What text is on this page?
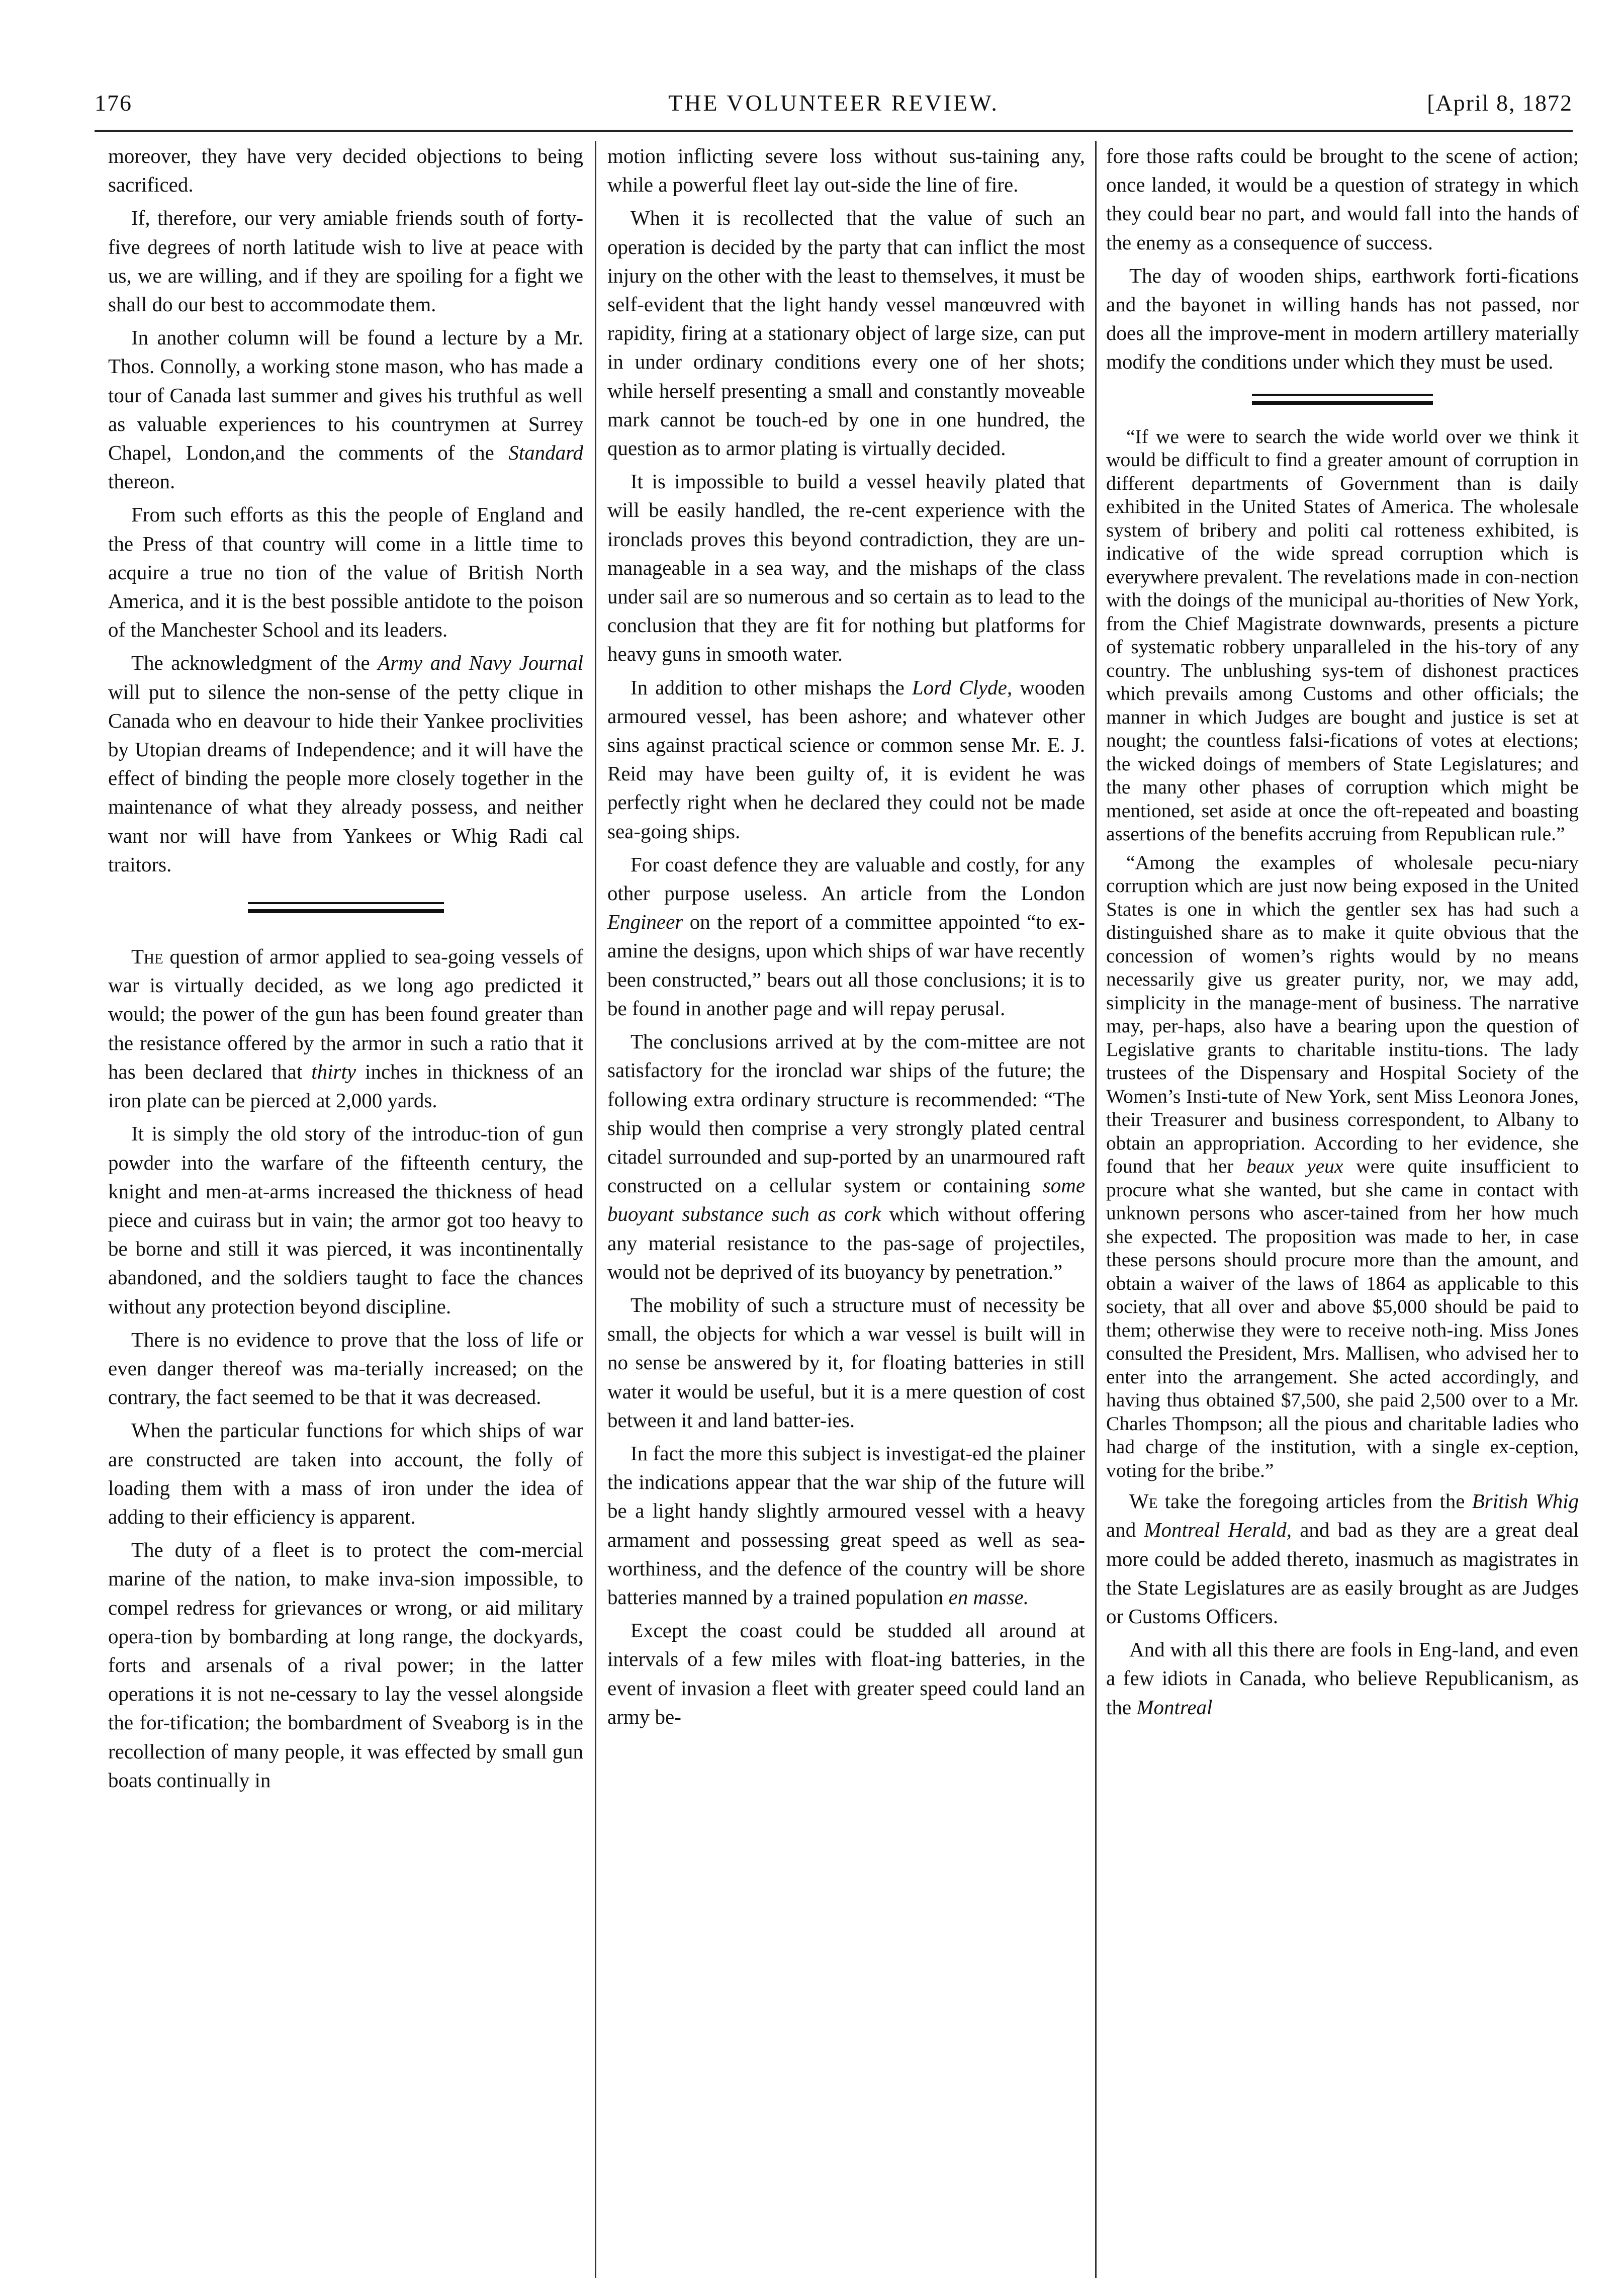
176	THE VOLUNTEER REVIEW.	[April 8, 1872

moreover, they have very decided objections to being sacrificed.

If, therefore, our very amiable friends south of forty-five degrees of north latitude wish to live at peace with us, we are willing, and if they are spoiling for a fight we shall do our best to accommodate them.

In another column will be found a lecture by a Mr. Thos. Connolly, a working stone mason, who has made a tour of Canada last summer and gives his truthful as well as valuable experiences to his countrymen at Surrey Chapel, London,and the comments of the Standard thereon.

From such efforts as this the people of England and the Press of that country will come in a little time to acquire a true no tion of the value of British North America, and it is the best possible antidote to the poison of the Manchester School and its leaders.

The acknowledgment of the Army and Navy Journal will put to silence the non-sense of the petty clique in Canada who en deavour to hide their Yankee proclivities by Utopian dreams of Independence; and it will have the effect of binding the people more closely together in the maintenance of what they already possess, and neither want nor will have from Yankees or Whig Radi cal traitors.

The question of armor applied to sea-going vessels of war is virtually decided, as we long ago predicted it would; the power of the gun has been found greater than the resistance offered by the armor in such a ratio that it has been declared that thirty inches in thickness of an iron plate can be pierced at 2,000 yards.

It is simply the old story of the introduc-tion of gun powder into the warfare of the fifteenth century, the knight and men-at-arms increased the thickness of head piece and cuirass but in vain; the armor got too heavy to be borne and still it was pierced, it was incontinentally abandoned, and the soldiers taught to face the chances without any protection beyond discipline.

There is no evidence to prove that the loss of life or even danger thereof was ma-terially increased; on the contrary, the fact seemed to be that it was decreased.

When the particular functions for which ships of war are constructed are taken into account, the folly of loading them with a mass of iron under the idea of adding to their efficiency is apparent.

The duty of a fleet is to protect the com-mercial marine of the nation, to make inva-sion impossible, to compel redress for grievances or wrong, or aid military opera-tion by bombarding at long range, the dockyards, forts and arsenals of a rival power; in the latter operations it is not ne-cessary to lay the vessel alongside the for-tification; the bombardment of Sveaborg is in the recollection of many people, it was effected by small gun boats continually in

motion inflicting severe loss without sus-taining any, while a powerful fleet lay out-side the line of fire.

When it is recollected that the value of such an operation is decided by the party that can inflict the most injury on the other with the least to themselves, it must be self-evident that the light handy vessel manœuvred with rapidity, firing at a stationary object of large size, can put in under ordinary conditions every one of her shots; while herself presenting a small and constantly moveable mark cannot be touch-ed by one in one hundred, the question as to armor plating is virtually decided.

It is impossible to build a vessel heavily plated that will be easily handled, the re-cent experience with the ironclads proves this beyond contradiction, they are un-manageable in a sea way, and the mishaps of the class under sail are so numerous and so certain as to lead to the conclusion that they are fit for nothing but platforms for heavy guns in smooth water.

In addition to other mishaps the Lord Clyde, wooden armoured vessel, has been ashore; and whatever other sins against practical science or common sense Mr. E. J. Reid may have been guilty of, it is evident he was perfectly right when he declared they could not be made sea-going ships.

For coast defence they are valuable and costly, for any other purpose useless. An article from the London Engineer on the report of a committee appointed “to ex-amine the designs, upon which ships of war have recently been constructed,” bears out all those conclusions; it is to be found in another page and will repay perusal.

The conclusions arrived at by the com-mittee are not satisfactory for the ironclad war ships of the future; the following extra ordinary structure is recommended: “The ship would then comprise a very strongly plated central citadel surrounded and sup-ported by an unarmoured raft constructed on a cellular system or containing some buoyant substance such as cork which without offering any material resistance to the pas-sage of projectiles, would not be deprived of its buoyancy by penetration.”

The mobility of such a structure must of necessity be small, the objects for which a war vessel is built will in no sense be answered by it, for floating batteries in still water it would be useful, but it is a mere question of cost between it and land batter-ies.

In fact the more this subject is investigat-ed the plainer the indications appear that the war ship of the future will be a light handy slightly armoured vessel with a heavy armament and possessing great speed as well as sea-worthiness, and the defence of the country will be shore batteries manned by a trained population en masse.

Except the coast could be studded all around at intervals of a few miles with float-ing batteries, in the event of invasion a fleet with greater speed could land an army be-

fore those rafts could be brought to the scene of action; once landed, it would be a question of strategy in which they could bear no part, and would fall into the hands of the enemy as a consequence of success.

The day of wooden ships, earthwork forti-fications and the bayonet in willing hands has not passed, nor does all the improve-ment in modern artillery materially modify the conditions under which they must be used.

“If we were to search the wide world over we think it would be difficult to find a greater amount of corruption in different departments of Government than is daily exhibited in the United States of America. The wholesale system of bribery and politi cal rotteness exhibited, is indicative of the wide spread corruption which is everywhere prevalent. The revelations made in con-nection with the doings of the municipal au-thorities of New York, from the Chief Magistrate downwards, presents a picture of systematic robbery unparalleled in the his-tory of any country. The unblushing sys-tem of dishonest practices which prevails among Customs and other officials; the manner in which Judges are bought and justice is set at nought; the countless falsi-fications of votes at elections; the wicked doings of members of State Legislatures; and the many other phases of corruption which might be mentioned, set aside at once the oft-repeated and boasting assertions of the benefits accruing from Republican rule.”

“Among the examples of wholesale pecu-niary corruption which are just now being exposed in the United States is one in which the gentler sex has had such a distinguished share as to make it quite obvious that the concession of women’s rights would by no means necessarily give us greater purity, nor, we may add, simplicity in the manage-ment of business. The narrative may, per-haps, also have a bearing upon the question of Legislative grants to charitable institu-tions. The lady trustees of the Dispensary and Hospital Society of the Women’s Insti-tute of New York, sent Miss Leonora Jones, their Treasurer and business correspondent, to Albany to obtain an appropriation. According to her evidence, she found that her beaux yeux were quite insufficient to procure what she wanted, but she came in contact with unknown persons who ascer-tained from her how much she expected. The proposition was made to her, in case these persons should procure more than the amount, and obtain a waiver of the laws of 1864 as applicable to this society, that all over and above $5,000 should be paid to them; otherwise they were to receive noth-ing. Miss Jones consulted the President, Mrs. Mallisen, who advised her to enter into the arrangement. She acted accordingly, and having thus obtained $7,500, she paid 2,500 over to a Mr. Charles Thompson; all the pious and charitable ladies who had charge of the institution, with a single ex-ception, voting for the bribe.”

We take the foregoing articles from the British Whig and Montreal Herald, and bad as they are a great deal more could be added thereto, inasmuch as magistrates in the State Legislatures are as easily brought as are Judges or Customs Officers.

And with all this there are fools in Eng-land, and even a few idiots in Canada, who believe Republicanism, as the Montreal
